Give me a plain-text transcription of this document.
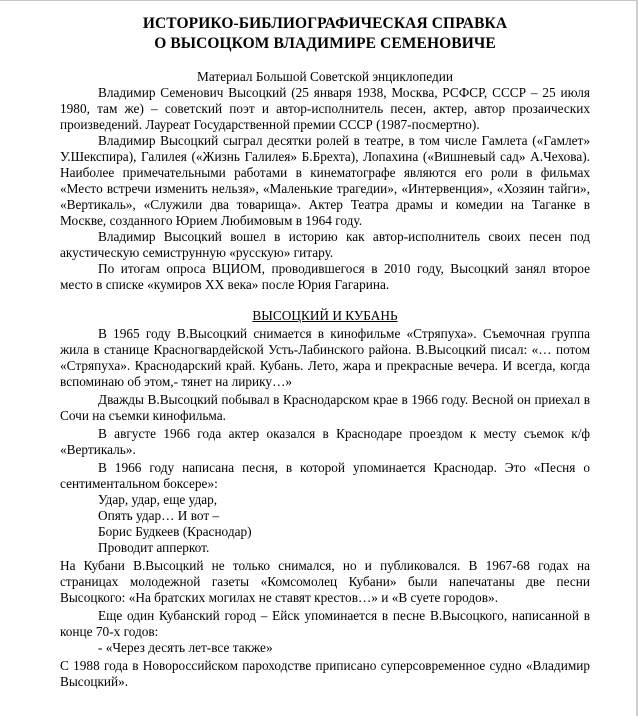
ИСТОРИКО-БИБЛИОГРАФИЧЕСКАЯ СПРАВКА
О ВЫСОЦКОМ ВЛАДИМИРЕ СЕМЕНОВИЧЕ
Материал Большой Советской энциклопедии

Владимир Семенович Высоцкий (25 января 1938, Москва, РСФСР, СССР – 25 июля 1980, там же) – советский поэт и автор-исполнитель песен, актер, автор прозаических произведений. Лауреат Государственной премии СССР (1987-посмертно).

Владимир Высоцкий сыграл десятки ролей в театре, в том числе Гамлета («Гамлет» У.Шекспира), Галилея («Жизнь Галилея» Б.Брехта), Лопахина («Вишневый сад» А.Чехова). Наиболее примечательными работами в кинематографе являются его роли в фильмах «Место встречи изменить нельзя», «Маленькие трагедии», «Интервенция», «Хозяин тайги», «Вертикаль», «Служили два товарища». Актер Театра драмы и комедии на Таганке в Москве, созданного Юрием Любимовым в 1964 году.

Владимир Высоцкий вошел в историю как автор-исполнитель своих песен под акустическую семиструнную «русскую» гитару.

По итогам опроса ВЦИОМ, проводившегося в 2010 году, Высоцкий занял второе место в списке «кумиров XX века» после Юрия Гагарина.

ВЫСОЦКИЙ И КУБАНЬ

В 1965 году В.Высоцкий снимается в кинофильме «Стряпуха». Съемочная группа жила в станице Красногвардейской Усть-Лабинского района. В.Высоцкий писал: «… потом «Стряпуха». Краснодарский край. Кубань. Лето, жара и прекрасные вечера. И всегда, когда вспоминаю об этом,- тянет на лирику…»

Дважды В.Высоцкий побывал в Краснодарском крае в 1966 году. Весной он приехал в Сочи на съемки кинофильма.

В августе 1966 года актер оказался в Краснодаре проездом к месту съемок к/ф «Вертикаль».

В 1966 году написана песня, в которой упоминается Краснодар. Это «Песня о сентиментальном боксере»:

Удар, удар, еще удар,
Опять удар… И вот –
Борис Будкеев (Краснодар)
Проводит апперкот.

На Кубани В.Высоцкий не только снимался, но и публиковался. В 1967-68 годах на страницах молодежной газеты «Комсомолец Кубани» были напечатаны две песни Высоцкого: «На братских могилах не ставят крестов…» и «В суете городов».

Еще один Кубанский город – Ейск упоминается в песне В.Высоцкого, написанной в конце 70-х годов:

- «Через десять лет-все также»

С 1988 года в Новороссийском пароходстве приписано суперсовременное судно «Владимир Высоцкий».
